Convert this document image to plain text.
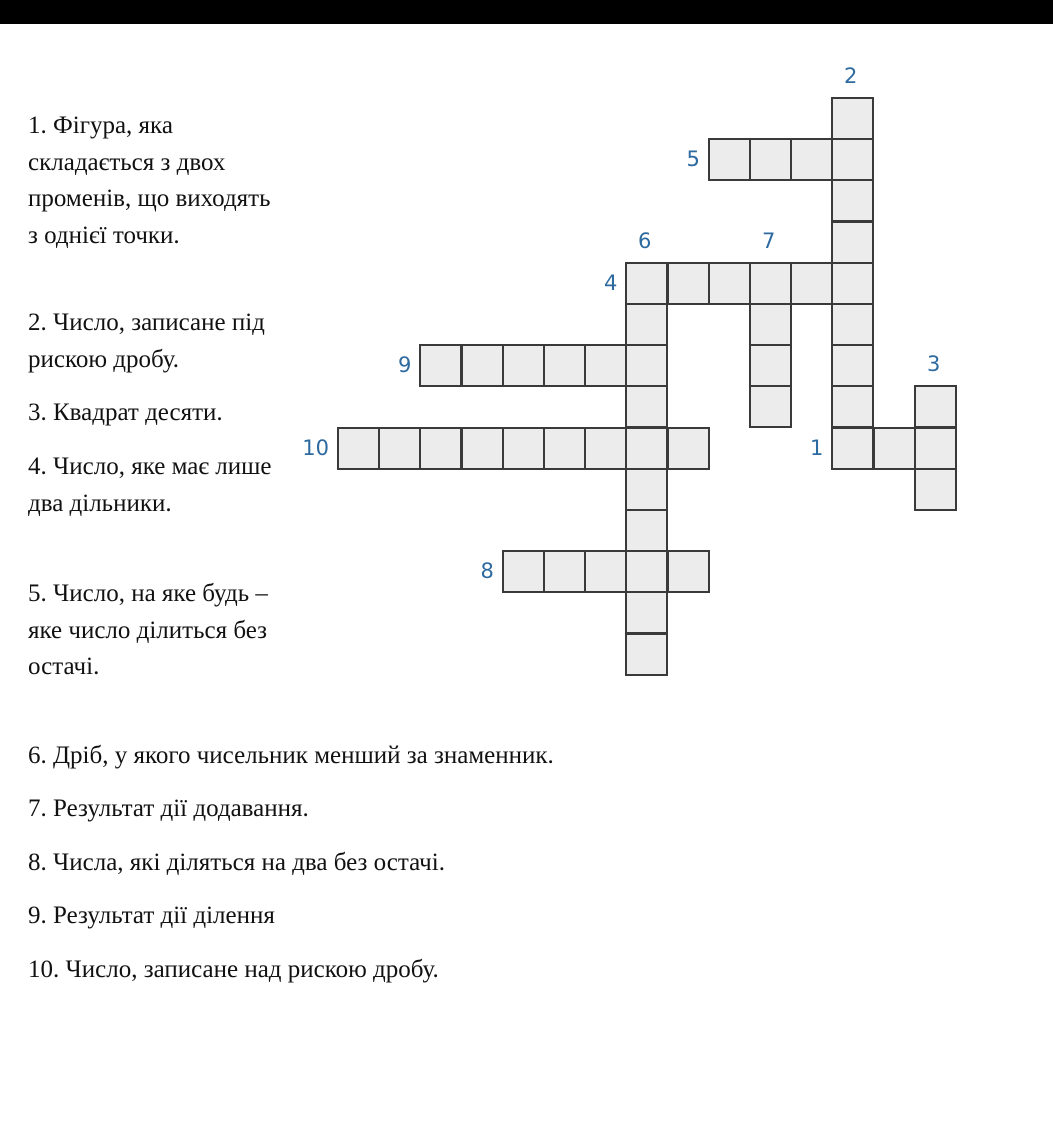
1. Фігура, яка складається з двох променів, що виходять з однієї точки.

2. Число, записане під рискою дробу.

3. Квадрат десяти.

4. Число, яке має лише два дільники.

5. Число, на яке будь – яке число ділиться без остачі.

6. Дріб, у якого чисельник менший за знаменник.

7. Результат дії додавання.

8. Числа, які діляться на два без остачі.

9. Результат дії ділення

10. Число, записане над рискою дробу.

1
2
3
4
5
6	7
8
9
10
